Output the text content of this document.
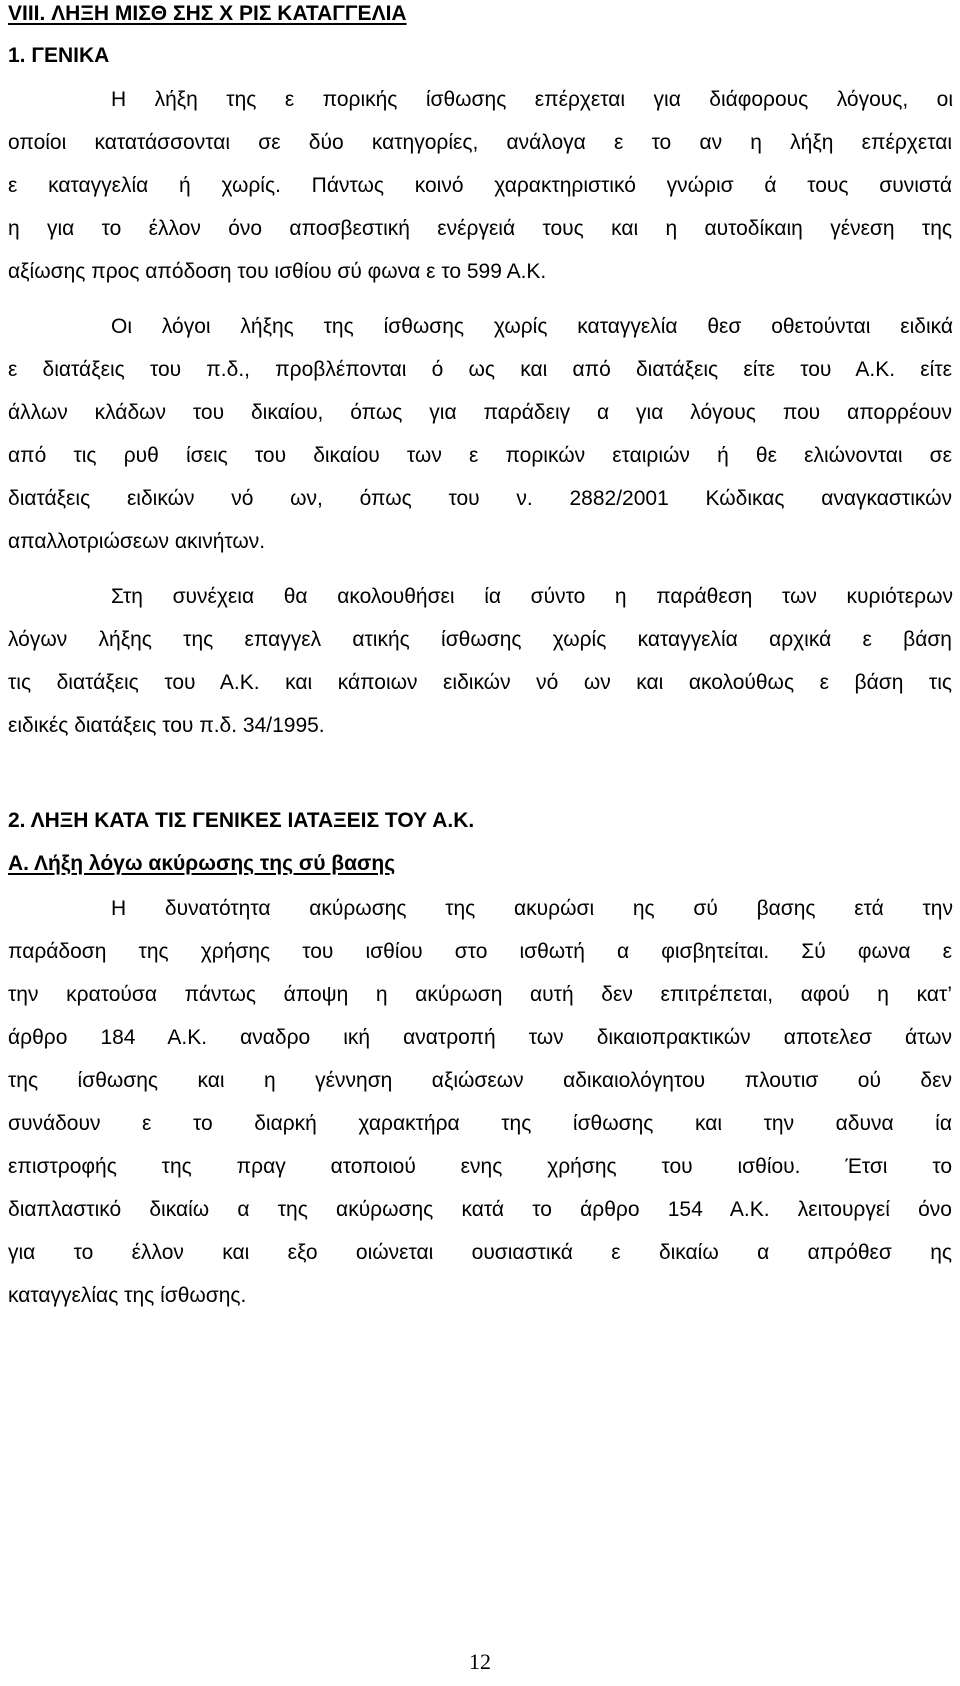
VIII. ΛΗΞΗ ΜΙΣΘ ΣΗΣ Χ ΡΙΣ ΚΑΤΑΓΓΕΛΙΑ
1. ΓΕΝΙΚΑ
Η λήξη της ε πορικής ίσθωσης επέρχεται για διάφορους λόγους, οι
οποίοι κατατάσσονται σε δύο κατηγορίες, ανάλογα ε το αν η λήξη επέρχεται
ε καταγγελία ή χωρίς. Πάντως κοινό χαρακτηριστικό γνώρισ ά τους συνιστά
η για το έλλον όνο αποσβεστική ενέργειά τους και η αυτοδίκαιη γένεση της
αξίωσης προς απόδοση του ισθίου σύ φωνα ε το 599 Α.Κ.
Οι λόγοι λήξης της ίσθωσης χωρίς καταγγελία θεσ οθετούνται ειδικά
ε διατάξεις του π.δ., προβλέπονται ό ως και από διατάξεις είτε του Α.Κ. είτε
άλλων κλάδων του δικαίου, όπως για παράδειγ α για λόγους που απορρέουν
από τις ρυθ ίσεις του δικαίου των ε πορικών εταιριών ή θε ελιώνονται σε
διατάξεις ειδικών νό ων, όπως του ν. 2882/2001 Κώδικας αναγκαστικών
απαλλοτριώσεων ακινήτων.
Στη συνέχεια θα ακολουθήσει ία σύντο η παράθεση των κυριότερων
λόγων λήξης της επαγγελ ατικής ίσθωσης χωρίς καταγγελία αρχικά ε βάση
τις διατάξεις του Α.Κ. και κάποιων ειδικών νό ων και ακολούθως ε βάση τις
ειδικές διατάξεις του π.δ. 34/1995.
2. ΛΗΞΗ ΚΑΤΑ ΤΙΣ ΓΕΝΙΚΕΣ ΙΑΤΑΞΕΙΣ ΤΟΥ Α.Κ.
Α. Λήξη λόγω ακύρωσης της σύ βασης
Η δυνατότητα ακύρωσης της ακυρώσι ης σύ βασης ετά την
παράδοση της χρήσης του ισθίου στο ισθωτή α φισβητείται. Σύ φωνα ε
την κρατούσα πάντως άποψη η ακύρωση αυτή δεν επιτρέπεται, αφού η κατ’
άρθρο 184 Α.Κ. αναδρο ική ανατροπή των δικαιοπρακτικών αποτελεσ άτων
της ίσθωσης και η γέννηση αξιώσεων αδικαιολόγητου πλουτισ ού δεν
συνάδουν ε το διαρκή χαρακτήρα της ίσθωσης και την αδυνα ία
επιστροφής της πραγ ατοποιού ενης χρήσης του ισθίου. Έτσι το
διαπλαστικό δικαίω α της ακύρωσης κατά το άρθρο 154 Α.Κ. λειτουργεί όνο
για το έλλον και εξο οιώνεται ουσιαστικά ε δικαίω α απρόθεσ ης
καταγγελίας της ίσθωσης.
12
